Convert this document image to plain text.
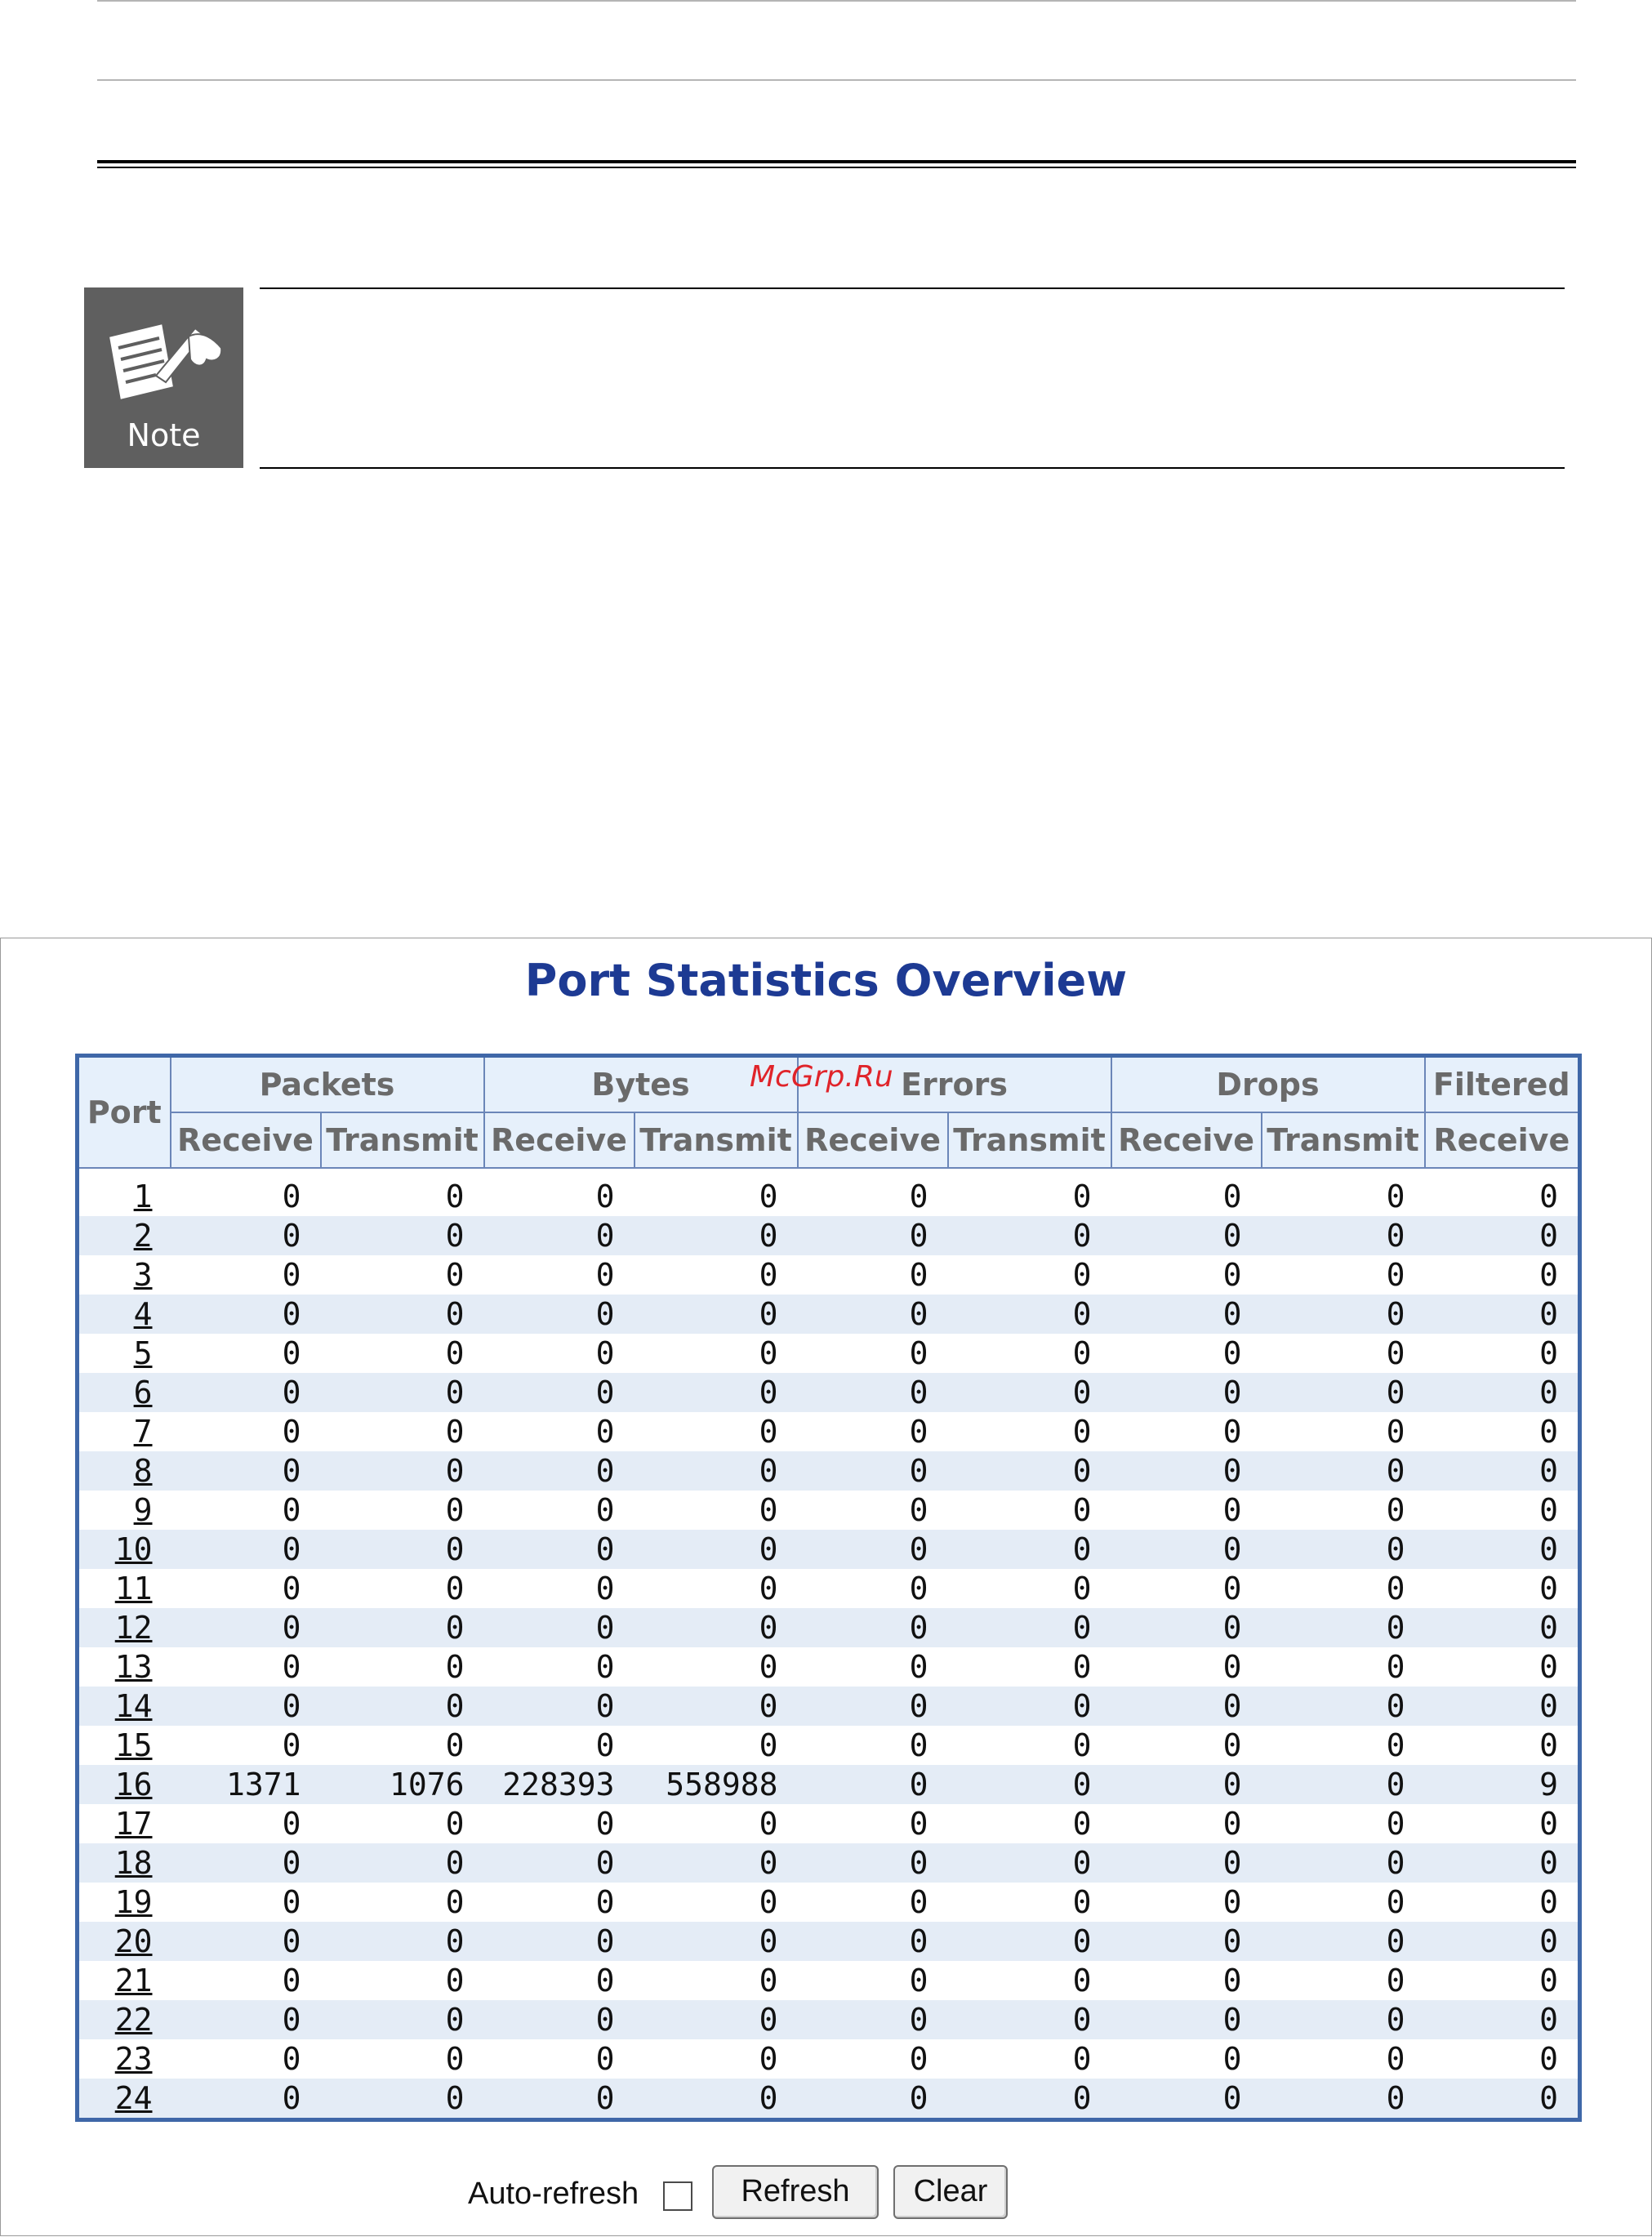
Note
Port Statistics Overview
Port	Packets		Bytes		Errors		Drops		Filtered
	Receive	Transmit	Receive	Transmit	Receive	Transmit	Receive	Transmit	Receive
1	0	0	0	0	0	0	0	0	0
2	0	0	0	0	0	0	0	0	0
3	0	0	0	0	0	0	0	0	0
4	0	0	0	0	0	0	0	0	0
5	0	0	0	0	0	0	0	0	0
6	0	0	0	0	0	0	0	0	0
7	0	0	0	0	0	0	0	0	0
8	0	0	0	0	0	0	0	0	0
9	0	0	0	0	0	0	0	0	0
10	0	0	0	0	0	0	0	0	0
11	0	0	0	0	0	0	0	0	0
12	0	0	0	0	0	0	0	0	0
13	0	0	0	0	0	0	0	0	0
14	0	0	0	0	0	0	0	0	0
15	0	0	0	0	0	0	0	0	0
16	1371	1076	228393	558988	0	0	0	0	9
17	0	0	0	0	0	0	0	0	0
18	0	0	0	0	0	0	0	0	0
19	0	0	0	0	0	0	0	0	0
20	0	0	0	0	0	0	0	0	0
21	0	0	0	0	0	0	0	0	0
22	0	0	0	0	0	0	0	0	0
23	0	0	0	0	0	0	0	0	0
24	0	0	0	0	0	0	0	0	0
Auto-refresh	Refresh	Clear
McGrp.Ru
